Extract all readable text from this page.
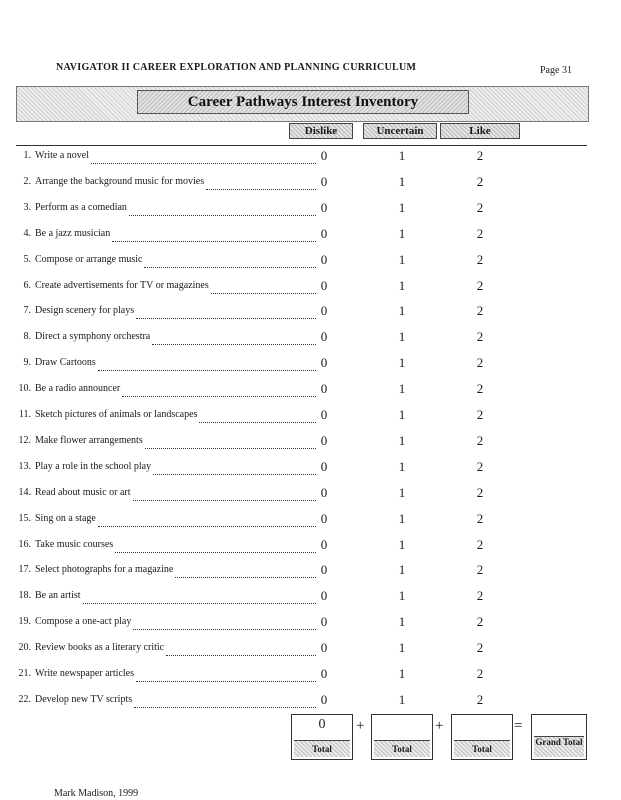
NAVIGATOR II CAREER EXPLORATION AND PLANNING CURRICULUM	Page 31
Career Pathways Interest Inventory
Dislike	Uncertain	Like
1. Write a novel	0	1	2
2. Arrange the background music for movies	0	1	2
3. Perform as a comedian	0	1	2
4. Be a jazz musician	0	1	2
5. Compose or arrange music	0	1	2
6. Create advertisements for TV or magazines	0	1	2
7. Design scenery for plays	0	1	2
8. Direct a symphony orchestra	0	1	2
9. Draw Cartoons	0	1	2
10. Be a radio announcer	0	1	2
11. Sketch pictures of animals or landscapes	0	1	2
12. Make flower arrangements	0	1	2
13. Play a role in the school play	0	1	2
14. Read about music or art	0	1	2
15. Sing on a stage	0	1	2
16. Take music courses	0	1	2
17. Select photographs for a magazine	0	1	2
18. Be an artist	0	1	2
19. Compose a one-act play	0	1	2
20. Review books as a literary critic	0	1	2
21. Write newspaper articles	0	1	2
22. Develop new TV scripts	0	1	2
0
Total
+
Total
+
Total
=
Grand Total
Mark Madison, 1999
